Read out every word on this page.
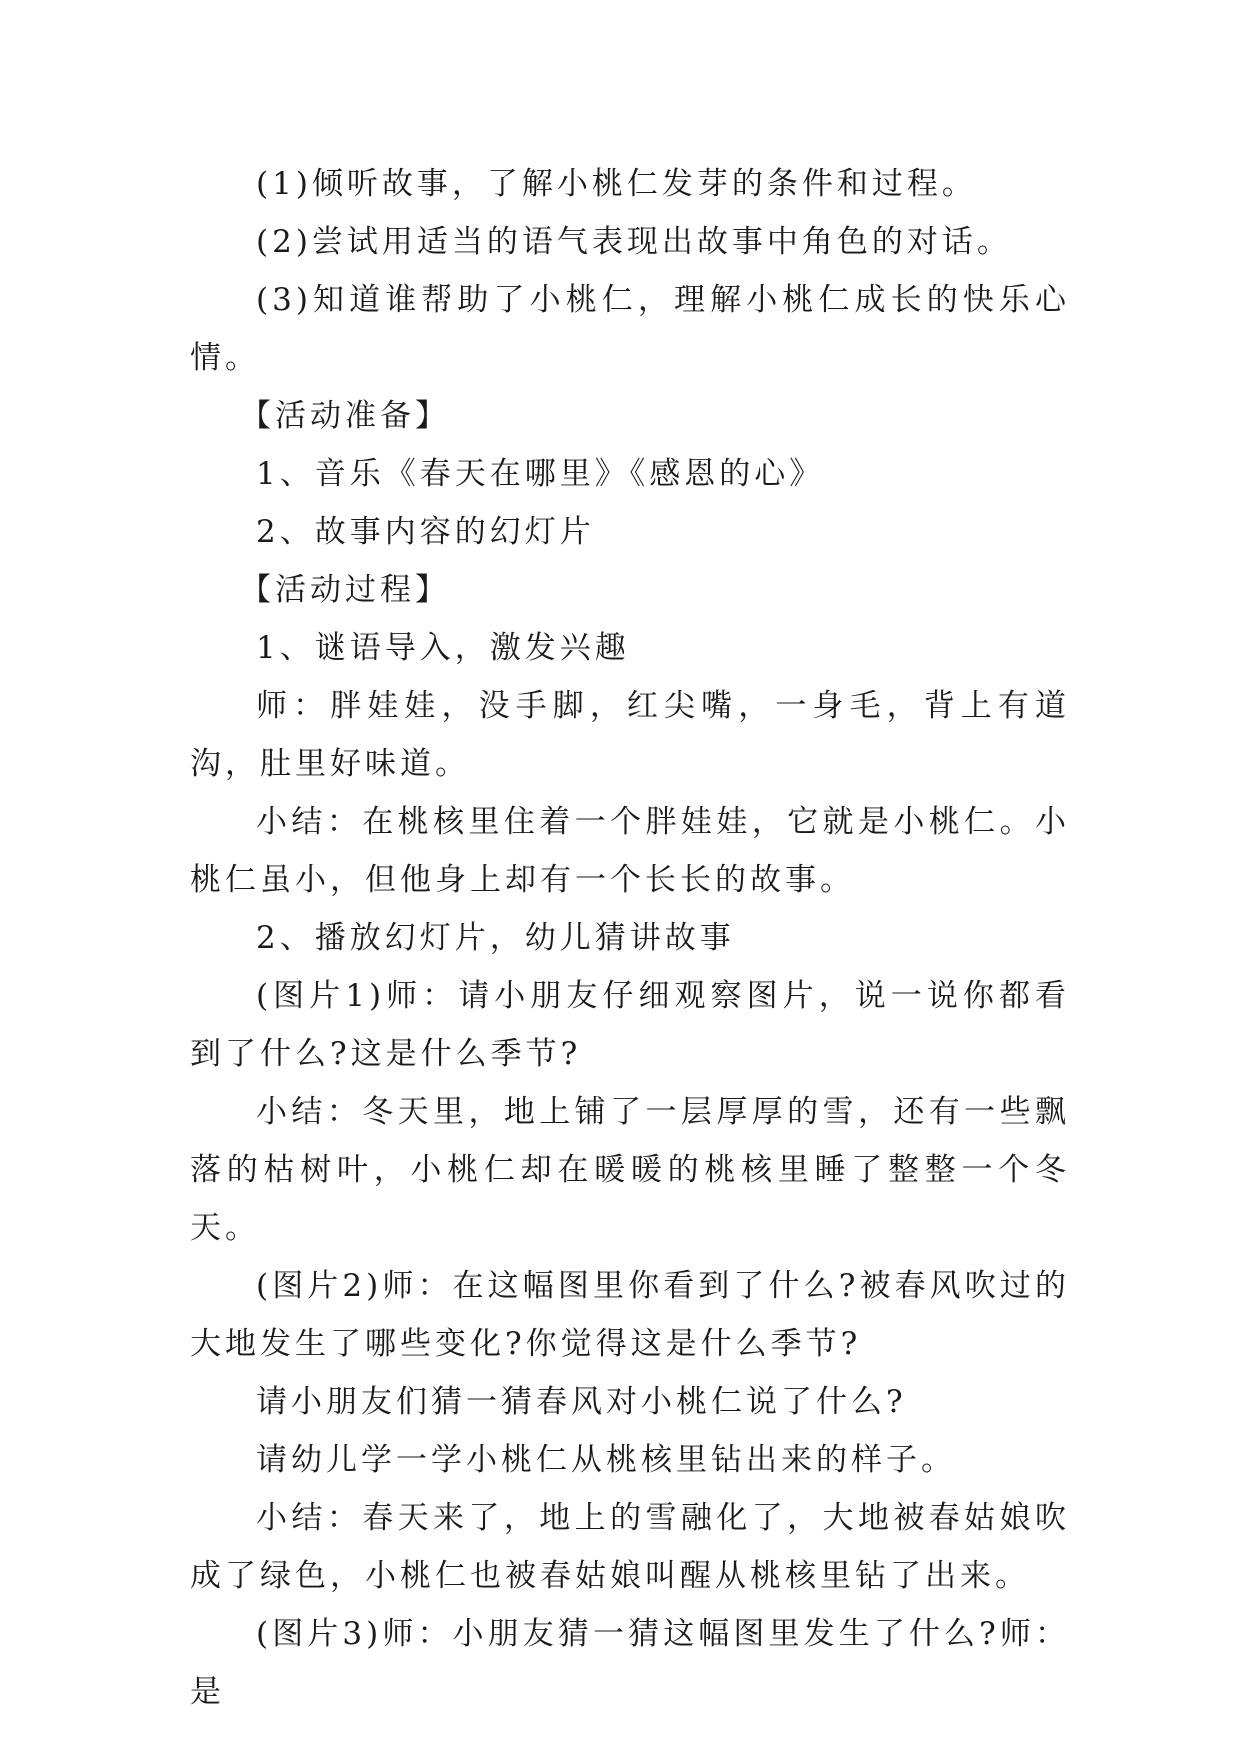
(1)倾听故事，了解小桃仁发芽的条件和过程。

(2)尝试用适当的语气表现出故事中角色的对话。

(3)知道谁帮助了小桃仁，理解小桃仁成长的快乐心情。

【活动准备】

1、音乐《春天在哪里》《感恩的心》

2、故事内容的幻灯片

【活动过程】

1、谜语导入，激发兴趣

师：胖娃娃，没手脚，红尖嘴，一身毛，背上有道沟，肚里好味道。

小结：在桃核里住着一个胖娃娃，它就是小桃仁。小桃仁虽小，但他身上却有一个长长的故事。

2、播放幻灯片，幼儿猜讲故事

(图片1)师：请小朋友仔细观察图片，说一说你都看到了什么?这是什么季节?

小结：冬天里，地上铺了一层厚厚的雪，还有一些飘落的枯树叶，小桃仁却在暖暖的桃核里睡了整整一个冬天。

(图片2)师：在这幅图里你看到了什么?被春风吹过的大地发生了哪些变化?你觉得这是什么季节?

请小朋友们猜一猜春风对小桃仁说了什么?

请幼儿学一学小桃仁从桃核里钻出来的样子。

小结：春天来了，地上的雪融化了，大地被春姑娘吹成了绿色，小桃仁也被春姑娘叫醒从桃核里钻了出来。

(图片3)师：小朋友猜一猜这幅图里发生了什么?师：是
